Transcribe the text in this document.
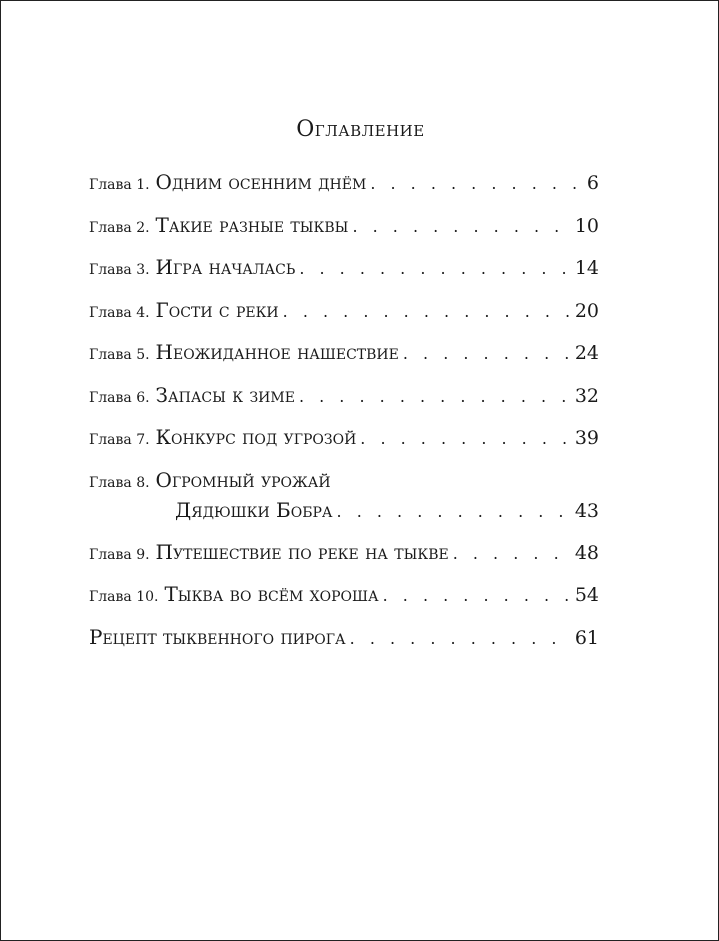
Оглавление
Глава 1. Одним осенним днём . . .	6
Глава 2. Такие разные тыквы . . .	10
Глава 3. Игра началась . . .	14
Глава 4. Гости с реки . . .	20
Глава 5. Неожиданное нашествие . . .	24
Глава 6. Запасы к зиме . . .	32
Глава 7. Конкурс под угрозой . . .	39
Глава 8. Огромный урожай
Дядюшки Бобра . . .	43
Глава 9. Путешествие по реке на тыкве . . .	48
Глава 10. Тыква во всём хороша . . .	54
Рецепт тыквенного пирога . . .	61
